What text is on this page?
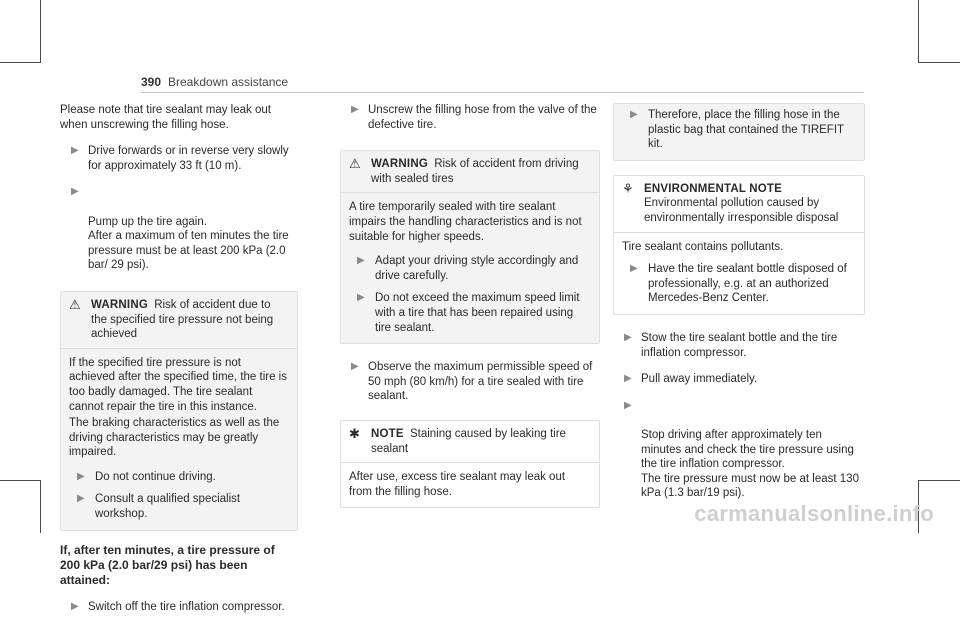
390 Breakdown assistance

Please note that tire sealant may leak out when unscrewing the filling hose.

▶ Drive forwards or in reverse very slowly for approximately 33 ft (10 m).

▶

Pump up the tire again.
After a maximum of ten minutes the tire pressure must be at least 200 kPa (2.0 bar/ 29 psi).

⚠ WARNING Risk of accident due to the specified tire pressure not being achieved

If the specified tire pressure is not achieved after the specified time, the tire is too badly damaged. The tire sealant cannot repair the tire in this instance.

The braking characteristics as well as the driving characteristics may be greatly impaired.

▶ Do not continue driving.
▶ Consult a qualified specialist workshop.

If, after ten minutes, a tire pressure of 200 kPa (2.0 bar/29 psi) has been attained:

▶ Switch off the tire inflation compressor.
▶ Unscrew the filling hose from the valve of the defective tire.
⚠ WARNING Risk of accident from driving with sealed tires

A tire temporarily sealed with tire sealant impairs the handling characteristics and is not suitable for higher speeds.

▶ Adapt your driving style accordingly and drive carefully.
▶ Do not exceed the maximum speed limit with a tire that has been repaired using tire sealant.
▶ Observe the maximum permissible speed of 50 mph (80 km/h) for a tire sealed with tire sealant.
✱ NOTE Staining caused by leaking tire sealant

After use, excess tire sealant may leak out from the filling hose.

▶ Therefore, place the filling hose in the plastic bag that contained the TIREFIT kit.
⚘ ENVIRONMENTAL NOTE Environmental pollution caused by environmentally irresponsible disposal

Tire sealant contains pollutants.

▶ Have the tire sealant bottle disposed of professionally, e.g. at an authorized Mercedes-Benz Center.
▶ Stow the tire sealant bottle and the tire inflation compressor.
▶ Pull away immediately.

▶

Stop driving after approximately ten minutes and check the tire pressure using the tire inflation compressor.
The tire pressure must now be at least 130 kPa (1.3 bar/19 psi).

carmanualsonline.info
